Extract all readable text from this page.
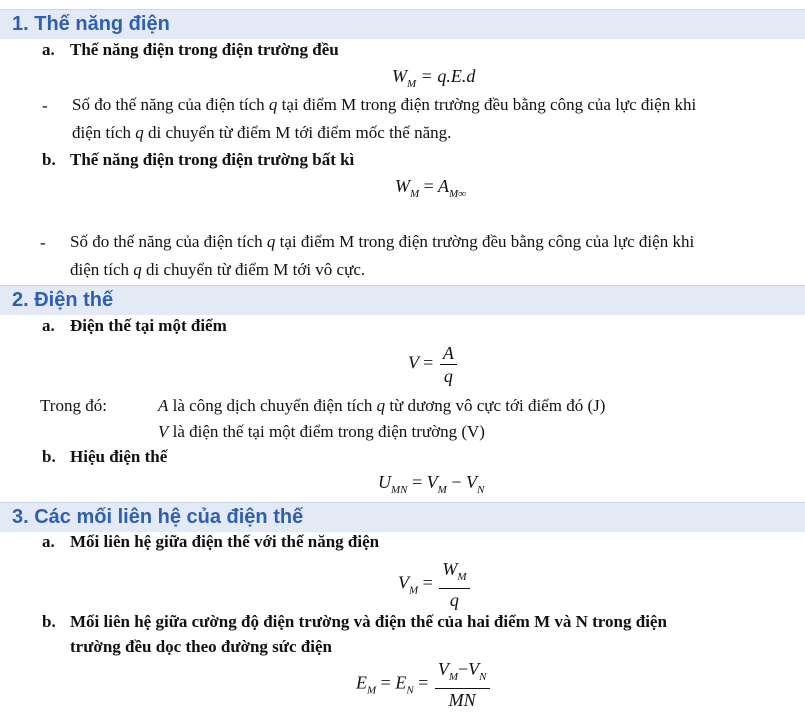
1. Thế năng điện
a. Thế năng điện trong điện trường đều
$W_M = q.E.d$
- Số đo thế năng của điện tích q tại điểm M trong điện trường đều bằng công của lực điện khi
điện tích q di chuyển từ điểm M tới điểm mốc thế năng.
b. Thế năng điện trong điện trường bất kì
$W_M = A_{M\infty}$
- Số đo thế năng của điện tích q tại điểm M trong điện trường đều bằng công của lực điện khi
điện tích q di chuyển từ điểm M tới vô cực.
2. Điện thế
a. Điện thế tại một điểm
$V = \frac{A}{q}$
Trong đó:	A là công dịch chuyển điện tích q từ dương vô cực tới điểm đó (J)
V là điện thế tại một điểm trong điện trường (V)
b. Hiệu điện thế
$U_{MN} = V_M - V_N$
3. Các mối liên hệ của điện thế
a. Mối liên hệ giữa điện thế với thế năng điện
$V_M = \frac{W_M}{q}$
b. Mối liên hệ giữa cường độ điện trường và điện thế của hai điểm M và N trong điện
trường đều dọc theo đường sức điện
$E_M = E_N = \frac{V_M-V_N}{MN}$
